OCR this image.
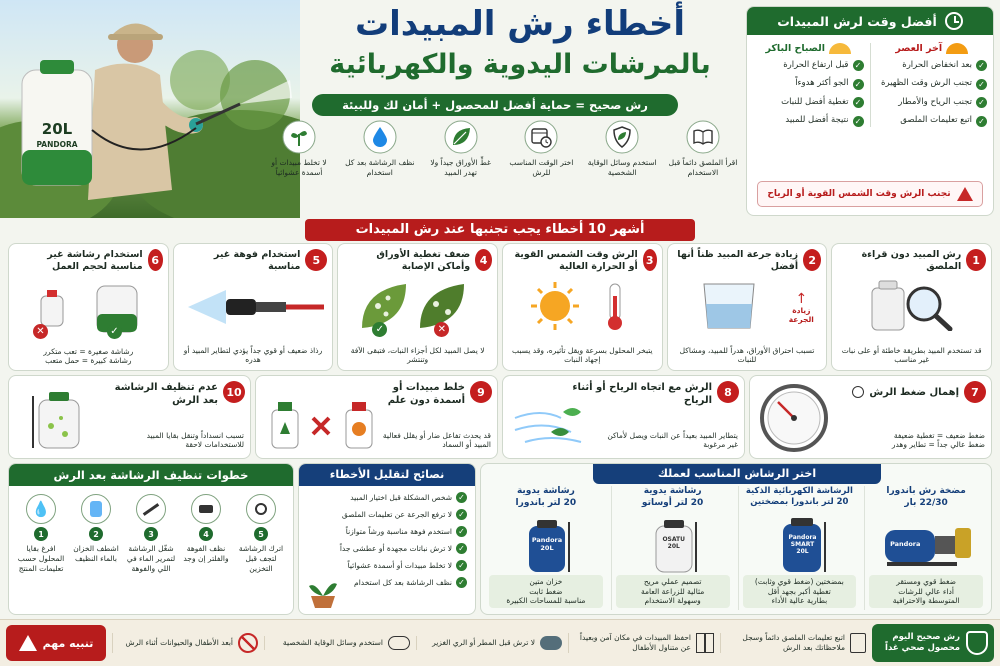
20L
PANDORA
أخطاء رش المبيدات
بالمرشات اليدوية والكهربائية
رش صحيح = حماية أفضل للمحصول + أمان لك وللبيئة
لا تخلط مبيدات أو أسمدة عشوائياً
نظف الرشاشة بعد كل استخدام
غطِّ الأوراق جيداً ولا تهدر المبيد
اختر الوقت المناسب للرش
استخدم وسائل الوقاية الشخصية
اقرأ الملصق دائماً قبل الاستخدام
أفضل وقت لرش المبيدات
آخر العصر
✓
بعد انخفاض الحرارة
✓
تجنب الرش وقت الظهيرة
✓
تجنب الرياح والأمطار
✓
اتبع تعليمات الملصق
الصباح الباكر
✓
قبل ارتفاع الحرارة
✓
الجو أكثر هدوءاً
✓
تغطية أفضل للنبات
✓
نتيجة أفضل للمبيد
تجنب الرش وقت الشمس القوية أو الرياح
أشهر 10 أخطاء يجب تجنبها عند رش المبيدات
1
رش المبيد دون قراءة الملصق
قد تستخدم المبيد بطريقة خاطئة أو على نبات غير مناسب
2
زيادة جرعة المبيد ظناً أنها أفضل
↑
زيادة الجرعة
تسبب احتراق الأوراق، هدراً للمبيد، ومشاكل للنبات
3
الرش وقت الشمس القوية أو الحرارة العالية
يتبخر المحلول بسرعة ويقل تأثيره، وقد يسبب إجهاد النبات
4
ضعف تغطية الأوراق وأماكن الإصابة
✓	✕
لا يصل المبيد لكل أجزاء النبات، فتبقى الآفة وتنتشر
5
استخدام فوهة غير مناسبة
رذاذ ضعيف أو قوي جداً يؤدي لتطاير المبيد أو هدره
6
استخدام رشاشة غير مناسبة لحجم العمل
✕	✓
رشاشة صغيرة = تعب متكرر
رشاشة كبيرة = حمل متعب
7
إهمال ضغط الرش
ضغط ضعيف = تغطية ضعيفة
ضغط عالي جداً = تطاير وهدر
8
الرش مع اتجاه الرياح أو أثناء الرياح
يتطاير المبيد بعيداً عن النبات ويصل لأماكن غير مرغوبة
9
خلط مبيدات أو أسمدة دون علم
قد يحدث تفاعل ضار أو يقلل فعالية المبيد أو السماد
10
عدم تنظيف الرشاشة بعد الرش
تسبب انسداداً وتنقل بقايا المبيد للاستخدامات لاحقة
خطوات تنظيف الرشاشة بعد الرش
💧
1
افرغ بقايا المحلول حسب تعليمات المنتج
2
اشطف الخزان بالماء النظيف
3
شغّل الرشاشة لتمرير الماء في اللي والفوهة
4
نظف الفوهة والفلتر إن وجد
5
اترك الرشاشة لتجف قبل التخزين
نصائح لتقليل الأخطاء
✓
شخص المشكلة قبل اختيار المبيد
✓
لا ترفع الجرعة عن تعليمات الملصق
✓
استخدم فوهة مناسبة ورشاً متوازناً
✓
لا ترش نباتات مجهدة أو عطشى جداً
✓
لا تخلط مبيدات أو أسمدة عشوائياً
✓
نظف الرشاشة بعد كل استخدام
اختر الرشاش المناسب لعملك
مضخة رش باندورا
22/30 بار
Pandora
ضغط قوي ومستقر
أداء عالي للرشات
المتوسطة والاحترافية
الرشاشة الكهربائية الذكية
20 لتر باندورا بمضختين
Pandora
SMART
20L
بمضختين (ضغط قوي وثابت)
تغطية أكبر بجهد أقل
بطارية عالية الأداء
رشاشة يدوية
20 لتر أوساتو
OSATU
20L
تصميم عملي مريح
مثالية للزراعة العامة
وسهولة الاستخدام
رشاشة يدوية
20 لتر باندورا
Pandora
20L
خزان متين
ضغط ثابت
مناسبة للمساحات الكبيرة
رش صحيح اليوم
محصول صحي غداً
اتبع تعليمات الملصق دائماً وسجل ملاحظاتك بعد الرش
احفظ المبيدات في مكان آمن وبعيداً عن متناول الأطفال
لا ترش قبل المطر أو الري الغزير
استخدم وسائل الوقاية الشخصية
أبعد الأطفال والحيوانات أثناء الرش
تنبيه مهم
